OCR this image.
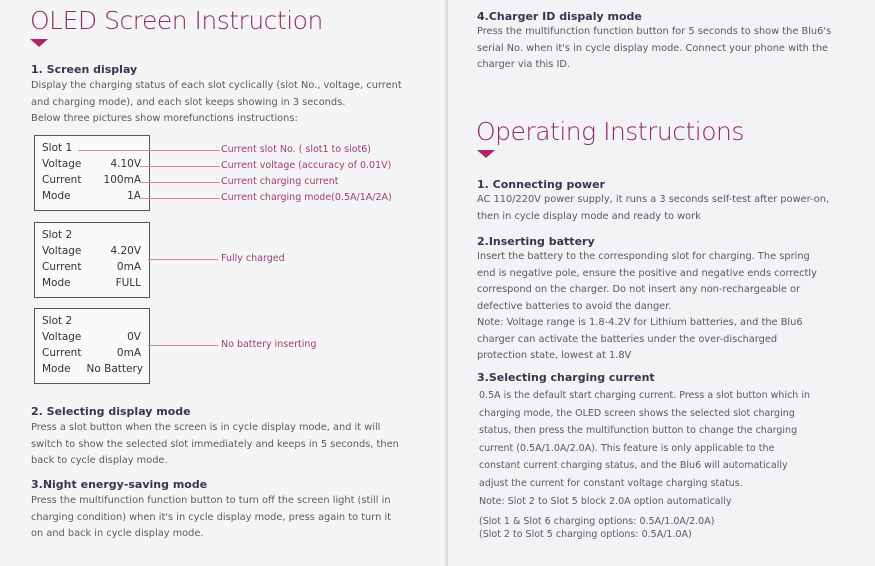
OLED Screen Instruction
1. Screen display
Display the charging status of each slot cyclically (slot No., voltage, current
and charging mode), and each slot keeps showing in 3 seconds.
Below three pictures show morefunctions instructions:
Slot 1
Voltage	4.10V
Current 100mA
Mode	1A
Current slot No. ( slot1 to slot6)
Current voltage (accuracy of 0.01V)
Current charging current
Current charging mode(0.5A/1A/2A)
Slot 2
Voltage	4.20V
Current	0mA
Mode	FULL
Fully charged
Slot 2
Voltage	0V
Current	0mA
Mode No Battery
No battery inserting
2. Selecting display mode
Press a slot button when the screen is in cycle display mode, and it will
switch to show the selected slot immediately and keeps in 5 seconds, then
back to cycle display mode.
3.Night energy-saving mode
Press the multifunction function button to turn off the screen light (still in
charging condition) when it's in cycle display mode, press again to turn it
on and back in cycle display mode.
4.Charger ID dispaly mode
Press the multifunction function button for 5 seconds to show the Blu6's
serial No. when it's in cycle display mode. Connect your phone with the
charger via this ID.
Operating Instructions
1. Connecting power
AC 110/220V power supply, it runs a 3 seconds self-test after power-on,
then in cycle display mode and ready to work
2.Inserting battery
Insert the battery to the corresponding slot for charging. The spring
end is negative pole, ensure the positive and negative ends correctly
correspond on the charger. Do not insert any non-rechargeable or
defective batteries to avoid the danger.
Note: Voltage range is 1.8-4.2V for Lithium batteries, and the Blu6
charger can activate the batteries under the over-discharged
protection state, lowest at 1.8V
3.Selecting charging current
0.5A is the default start charging current. Press a slot button which in
charging mode, the OLED screen shows the selected slot charging
status, then press the multifunction button to change the charging
current (0.5A/1.0A/2.0A). This feature is only applicable to the
constant current charging status, and the Blu6 will automatically
adjust the current for constant voltage charging status.
Note: Slot 2 to Slot 5 block 2.0A option automatically
(Slot 1 & Slot 6 charging options: 0.5A/1.0A/2.0A)
(Slot 2 to Slot 5 charging options: 0.5A/1.0A)
